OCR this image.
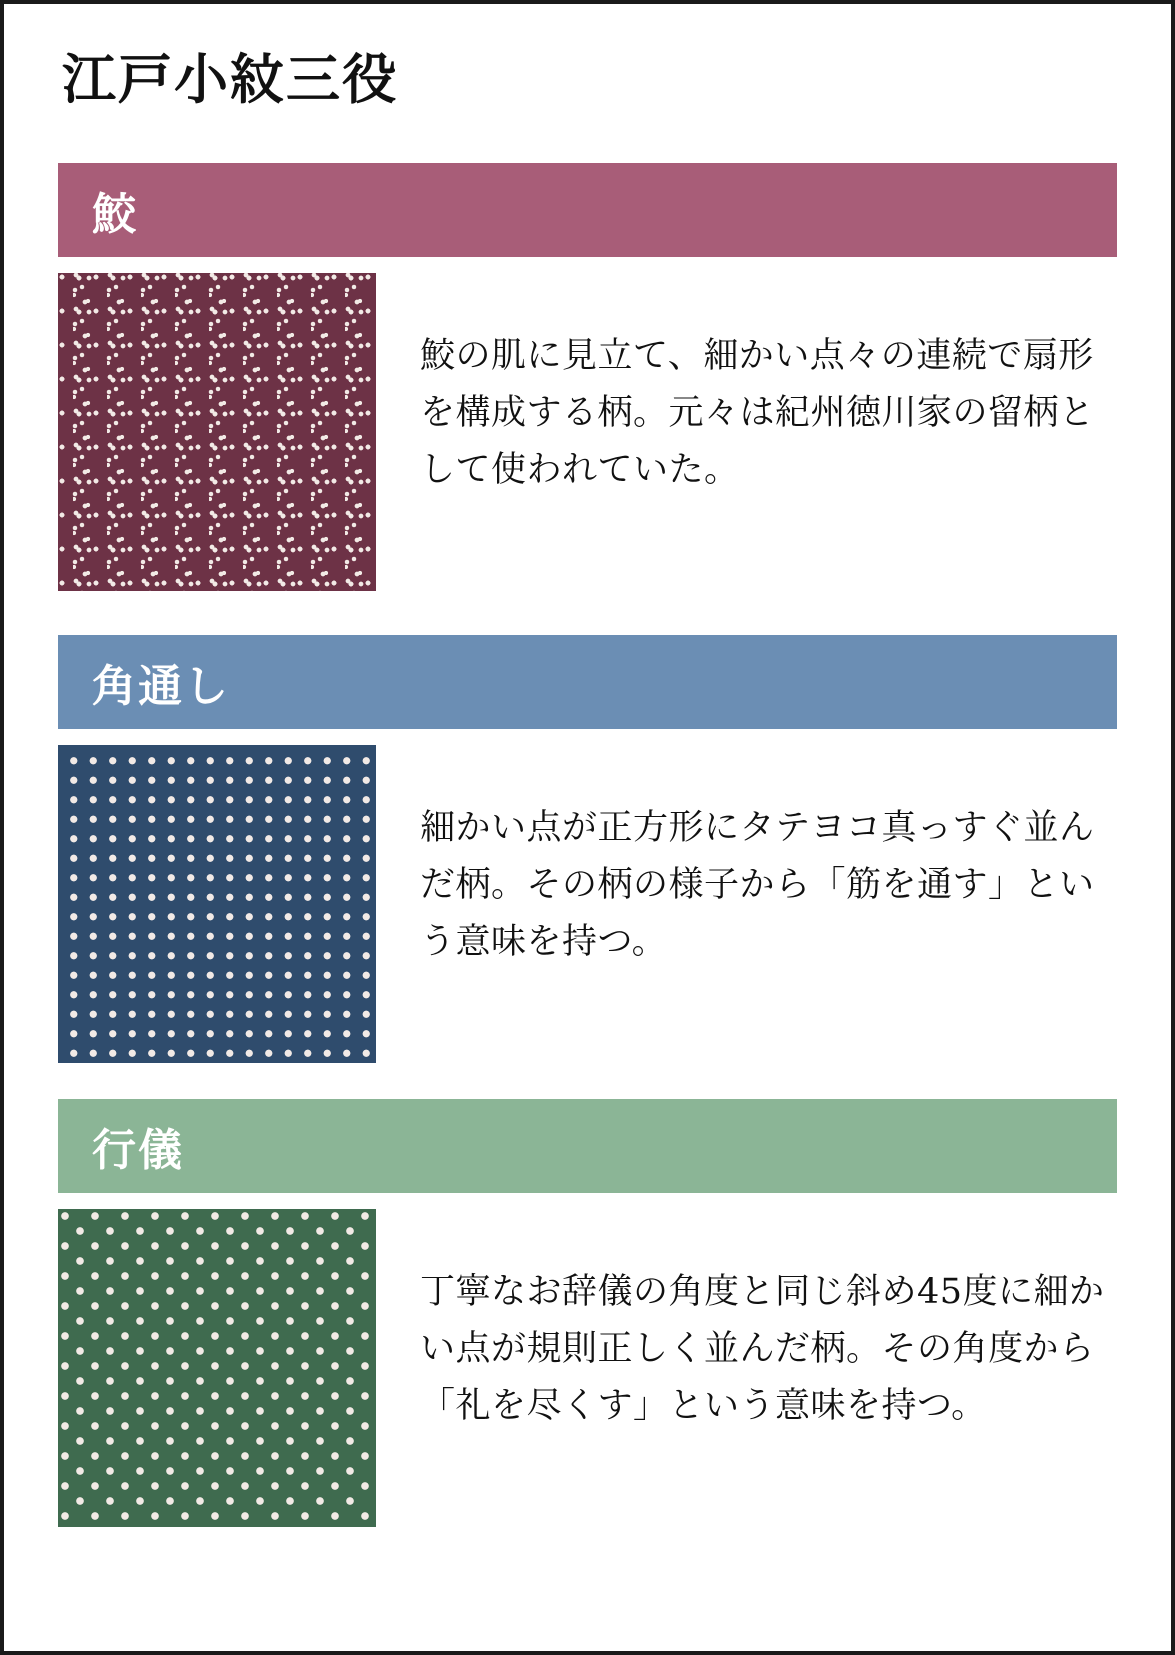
江戸小紋三役
鮫

鮫の肌に見立て、細かい点々の連続で扇形を構成する柄。元々は紀州徳川家の留柄として使われていた。

角通し

細かい点が正方形にタテヨコ真っすぐ並んだ柄。その柄の様子から「筋を通す」という意味を持つ。

行儀

丁寧なお辞儀の角度と同じ斜め45度に細かい点が規則正しく並んだ柄。その角度から「礼を尽くす」という意味を持つ。
